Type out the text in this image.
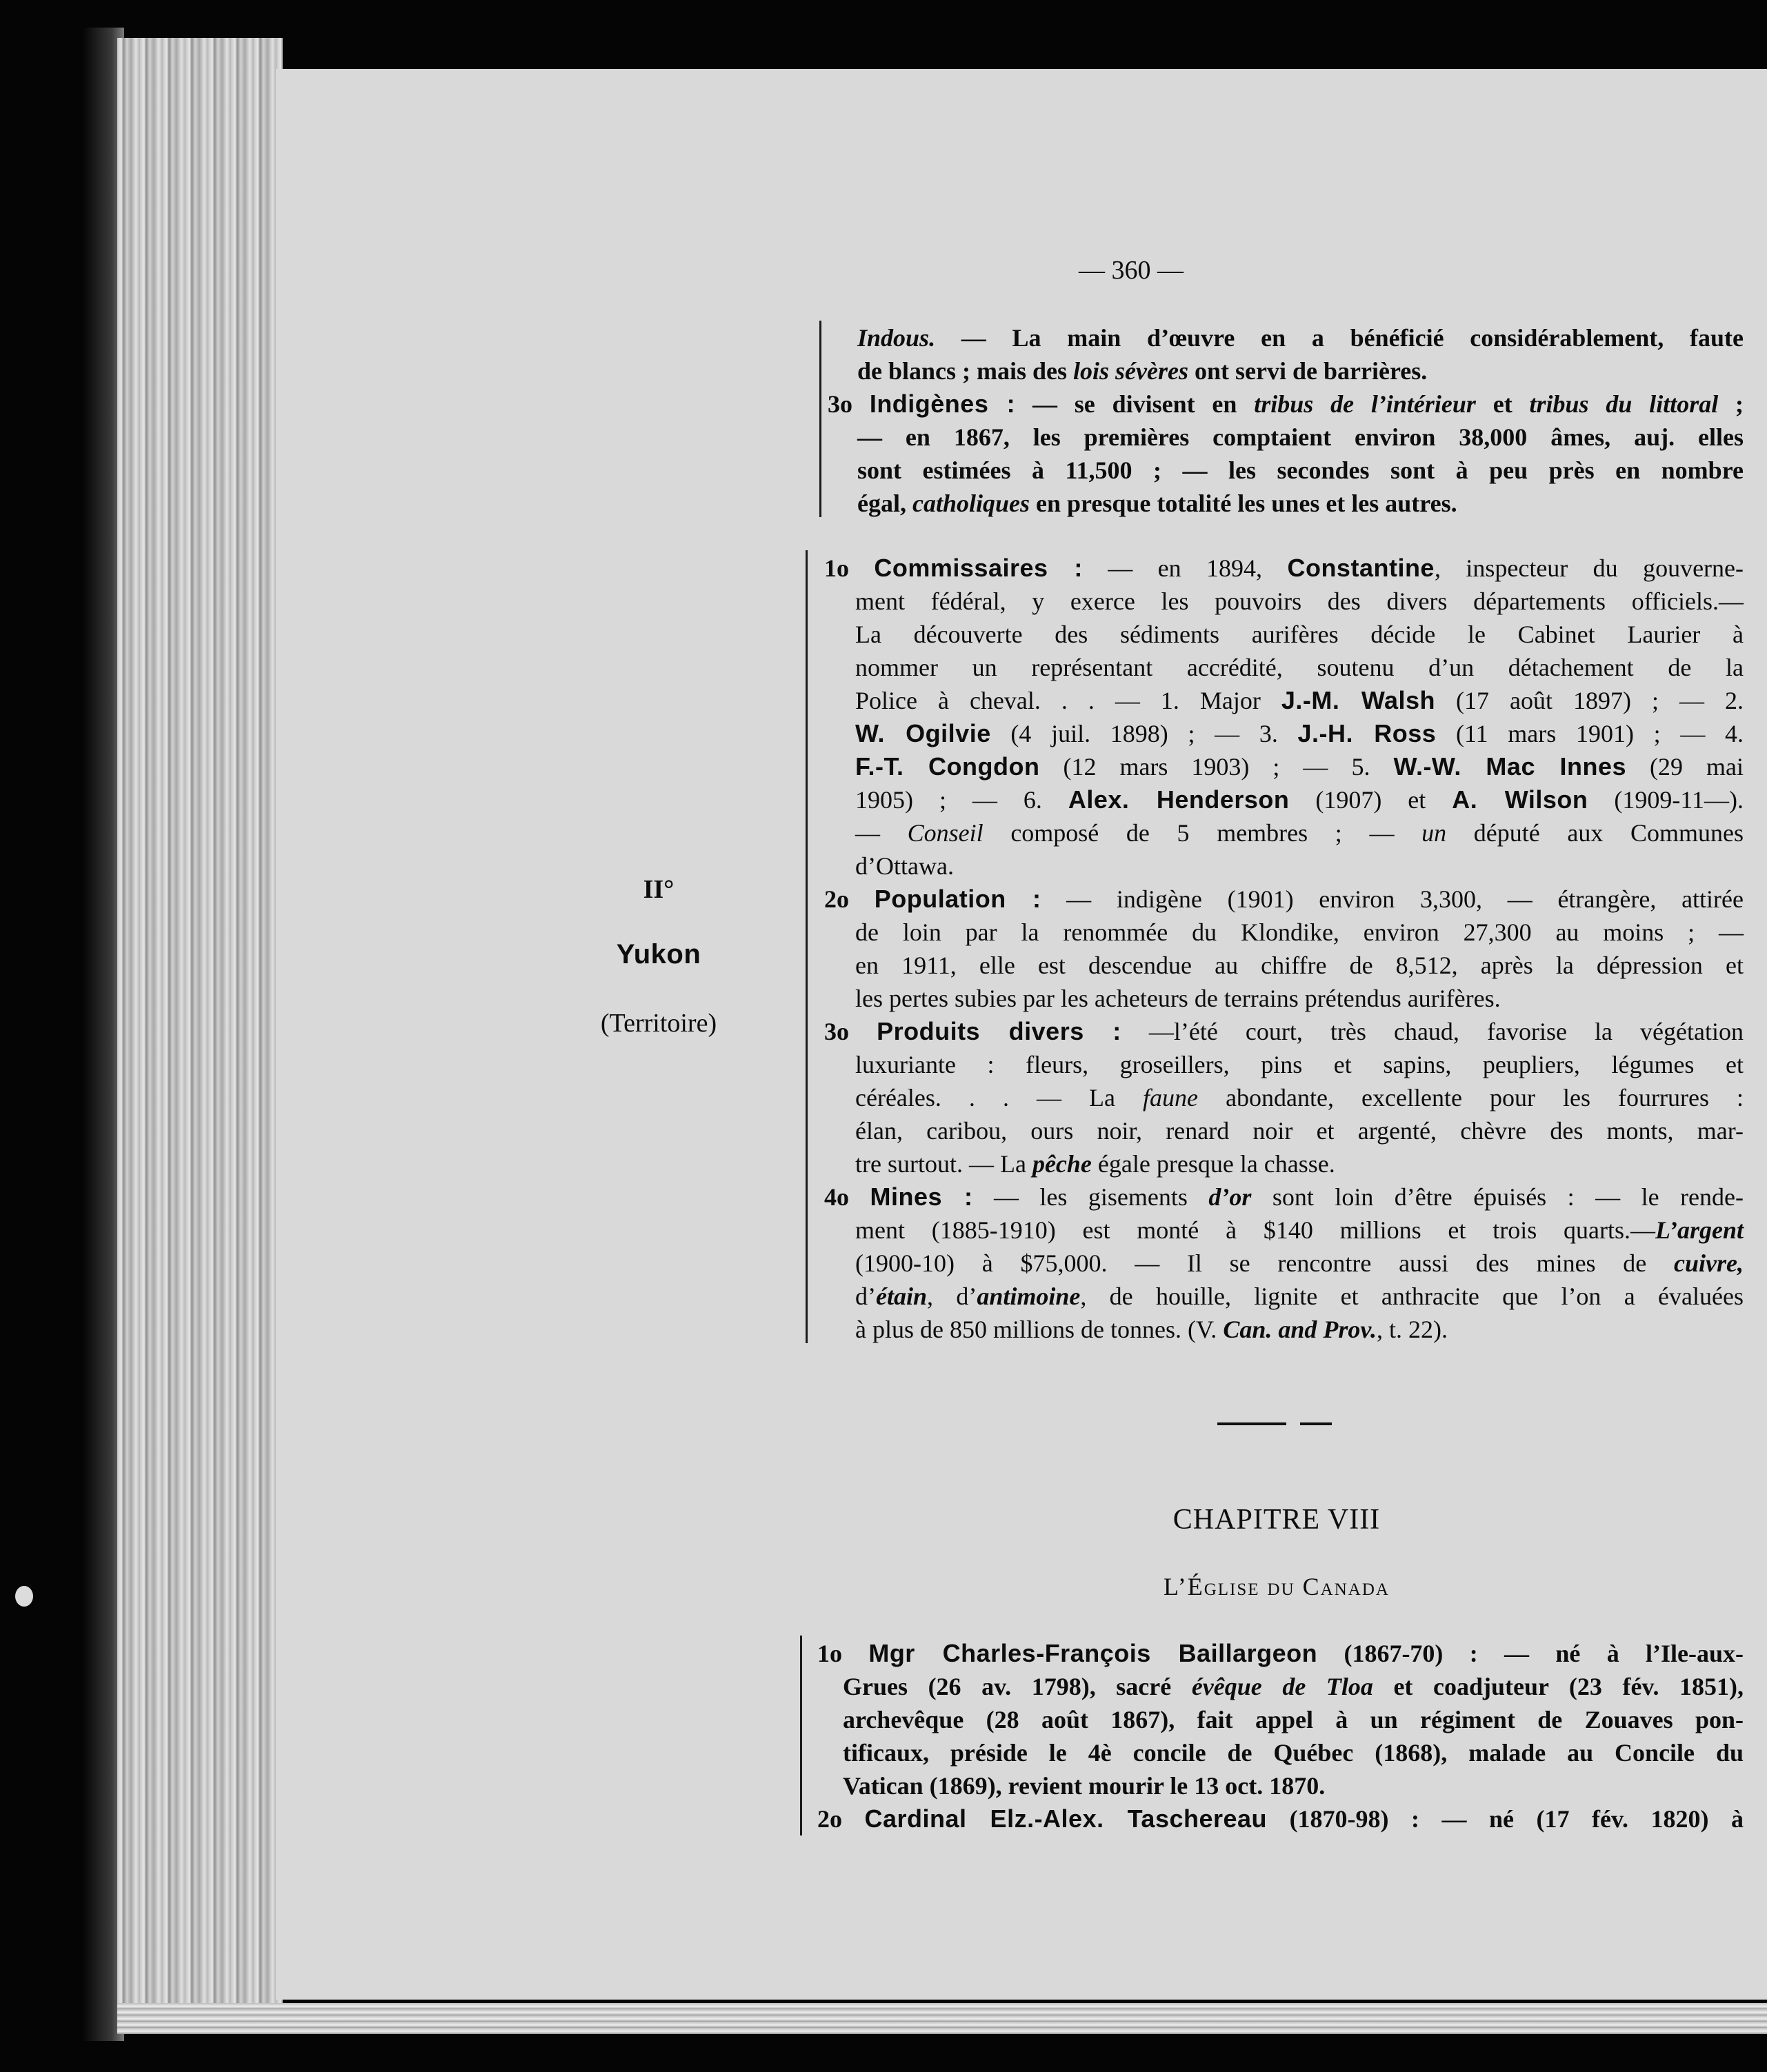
— 360 —
Indous. — La main d’œuvre en a bénéficié considérablement, faute
de blancs ; mais des lois sévères ont servi de barrières.
3o Indigènes : — se divisent en tribus de l’intérieur et tribus du littoral ;
— en 1867, les premières comptaient environ 38,000 âmes, auj. elles
sont estimées à 11,500 ; — les secondes sont à peu près en nombre
égal, catholiques en presque totalité les unes et les autres.
II°
Yukon
(Territoire)
1o Commissaires : — en 1894, Constantine, inspecteur du gouverne-
ment fédéral, y exerce les pouvoirs des divers départements officiels.—
La découverte des sédiments aurifères décide le Cabinet Laurier à
nommer un représentant accrédité, soutenu d’un détachement de la
Police à cheval. . . — 1. Major J.-M. Walsh (17 août 1897) ; — 2.
W. Ogilvie (4 juil. 1898) ; — 3. J.-H. Ross (11 mars 1901) ; — 4.
F.-T. Congdon (12 mars 1903) ; — 5. W.-W. Mac Innes (29 mai
1905) ; — 6. Alex. Henderson (1907) et A. Wilson (1909-11—).
— Conseil composé de 5 membres ; — un député aux Communes
d’Ottawa.
2o Population : — indigène (1901) environ 3,300, — étrangère, attirée
de loin par la renommée du Klondike, environ 27,300 au moins ; —
en 1911, elle est descendue au chiffre de 8,512, après la dépression et
les pertes subies par les acheteurs de terrains prétendus aurifères.
3o Produits divers : —l’été court, très chaud, favorise la végétation
luxuriante : fleurs, groseillers, pins et sapins, peupliers, légumes et
céréales. . . — La faune abondante, excellente pour les fourrures :
élan, caribou, ours noir, renard noir et argenté, chèvre des monts, mar-
tre surtout. — La pêche égale presque la chasse.
4o Mines : — les gisements d’or sont loin d’être épuisés : — le rende-
ment (1885-1910) est monté à $140 millions et trois quarts.—L’argent
(1900-10) à $75,000. — Il se rencontre aussi des mines de cuivre,
d’étain, d’antimoine, de houille, lignite et anthracite que l’on a évaluées
à plus de 850 millions de tonnes. (V. Can. and Prov., t. 22).
CHAPITRE VIII
L’Église du Canada
1o Mgr Charles-François Baillargeon (1867-70) : — né à l’Ile-aux-
Grues (26 av. 1798), sacré évêque de Tloa et coadjuteur (23 fév. 1851),
archevêque (28 août 1867), fait appel à un régiment de Zouaves pon-
tificaux, préside le 4è concile de Québec (1868), malade au Concile du
Vatican (1869), revient mourir le 13 oct. 1870.
2o Cardinal Elz.-Alex. Taschereau (1870-98) : — né (17 fév. 1820) à
